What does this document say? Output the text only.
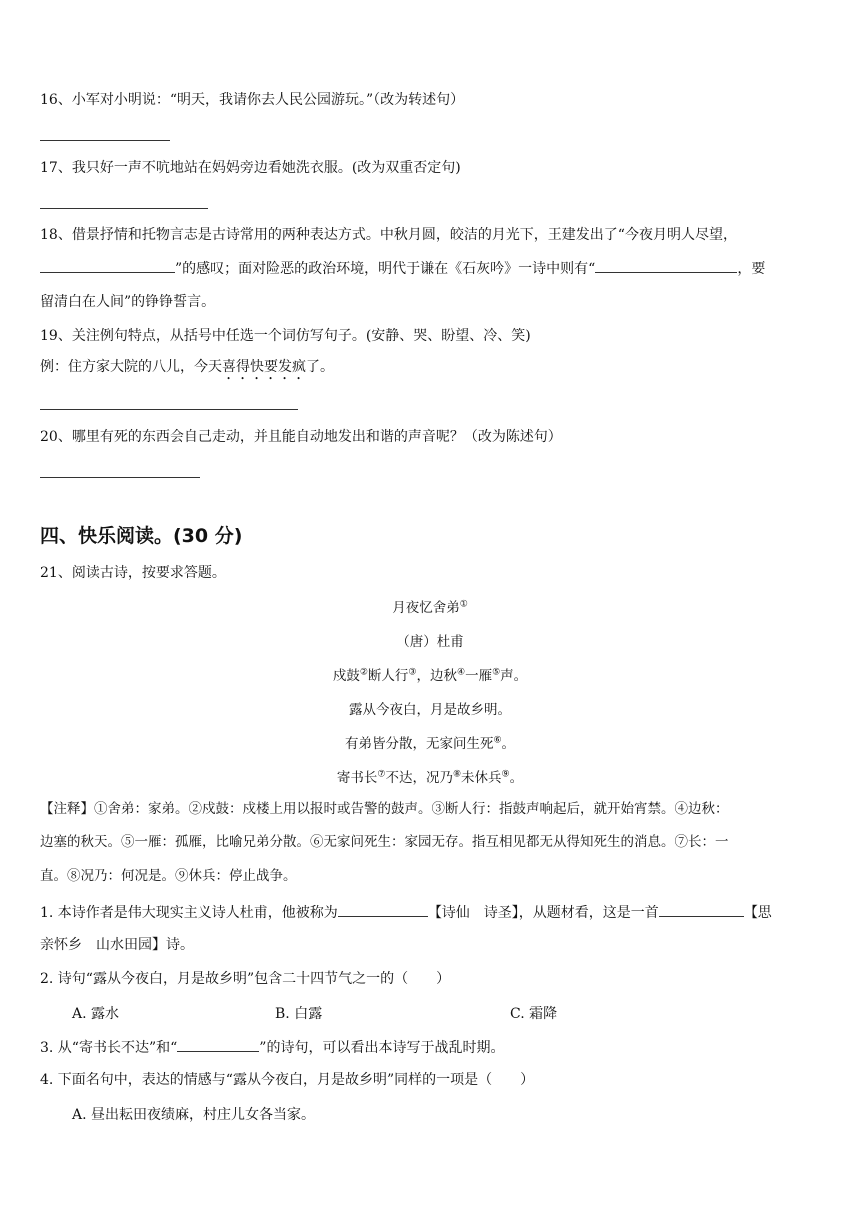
16、小军对小明说：“明天，我请你去人民公园游玩。”（改为转述句）
17、我只好一声不吭地站在妈妈旁边看她洗衣服。(改为双重否定句)
18、借景抒情和托物言志是古诗常用的两种表达方式。中秋月圆，皎洁的月光下，王建发出了“今夜月明人尽望，
”的感叹；面对险恶的政治环境，明代于谦在《石灰吟》一诗中则有“	，要
留清白在人间”的铮铮誓言。
19、关注例句特点，从括号中任选一个词仿写句子。(安静、哭、盼望、冷、笑)
例：住方家大院的八儿，今天喜得快要发疯了。
20、哪里有死的东西会自己走动，并且能自动地发出和谐的声音呢？（改为陈述句）
四、快乐阅读。(30 分)
21、阅读古诗，按要求答题。
月夜忆舍弟①
（唐）杜甫
戍鼓②断人行③，边秋④一雁⑤声。
露从今夜白，月是故乡明。
有弟皆分散，无家问生死⑥。
寄书长⑦不达，况乃⑧未休兵⑨。
【注释】①舍弟：家弟。②戍鼓：戍楼上用以报时或告警的鼓声。③断人行：指鼓声响起后，就开始宵禁。④边秋：
边塞的秋天。⑤一雁：孤雁，比喻兄弟分散。⑥无家问死生：家园无存。指互相见都无从得知死生的消息。⑦长：一
直。⑧况乃：何况是。⑨休兵：停止战争。
1. 本诗作者是伟大现实主义诗人杜甫，他被称为	【诗仙　诗圣】，从题材看，这是一首	【思
亲怀乡　山水田园】诗。
2. 诗句“露从今夜白，月是故乡明”包含二十四节气之一的（　　）
A. 露水	B. 白露	C. 霜降
3. 从“寄书长不达”和“	”的诗句，可以看出本诗写于战乱时期。
4. 下面名句中，表达的情感与“露从今夜白，月是故乡明”同样的一项是（　　）
A. 昼出耘田夜绩麻，村庄儿女各当家。
